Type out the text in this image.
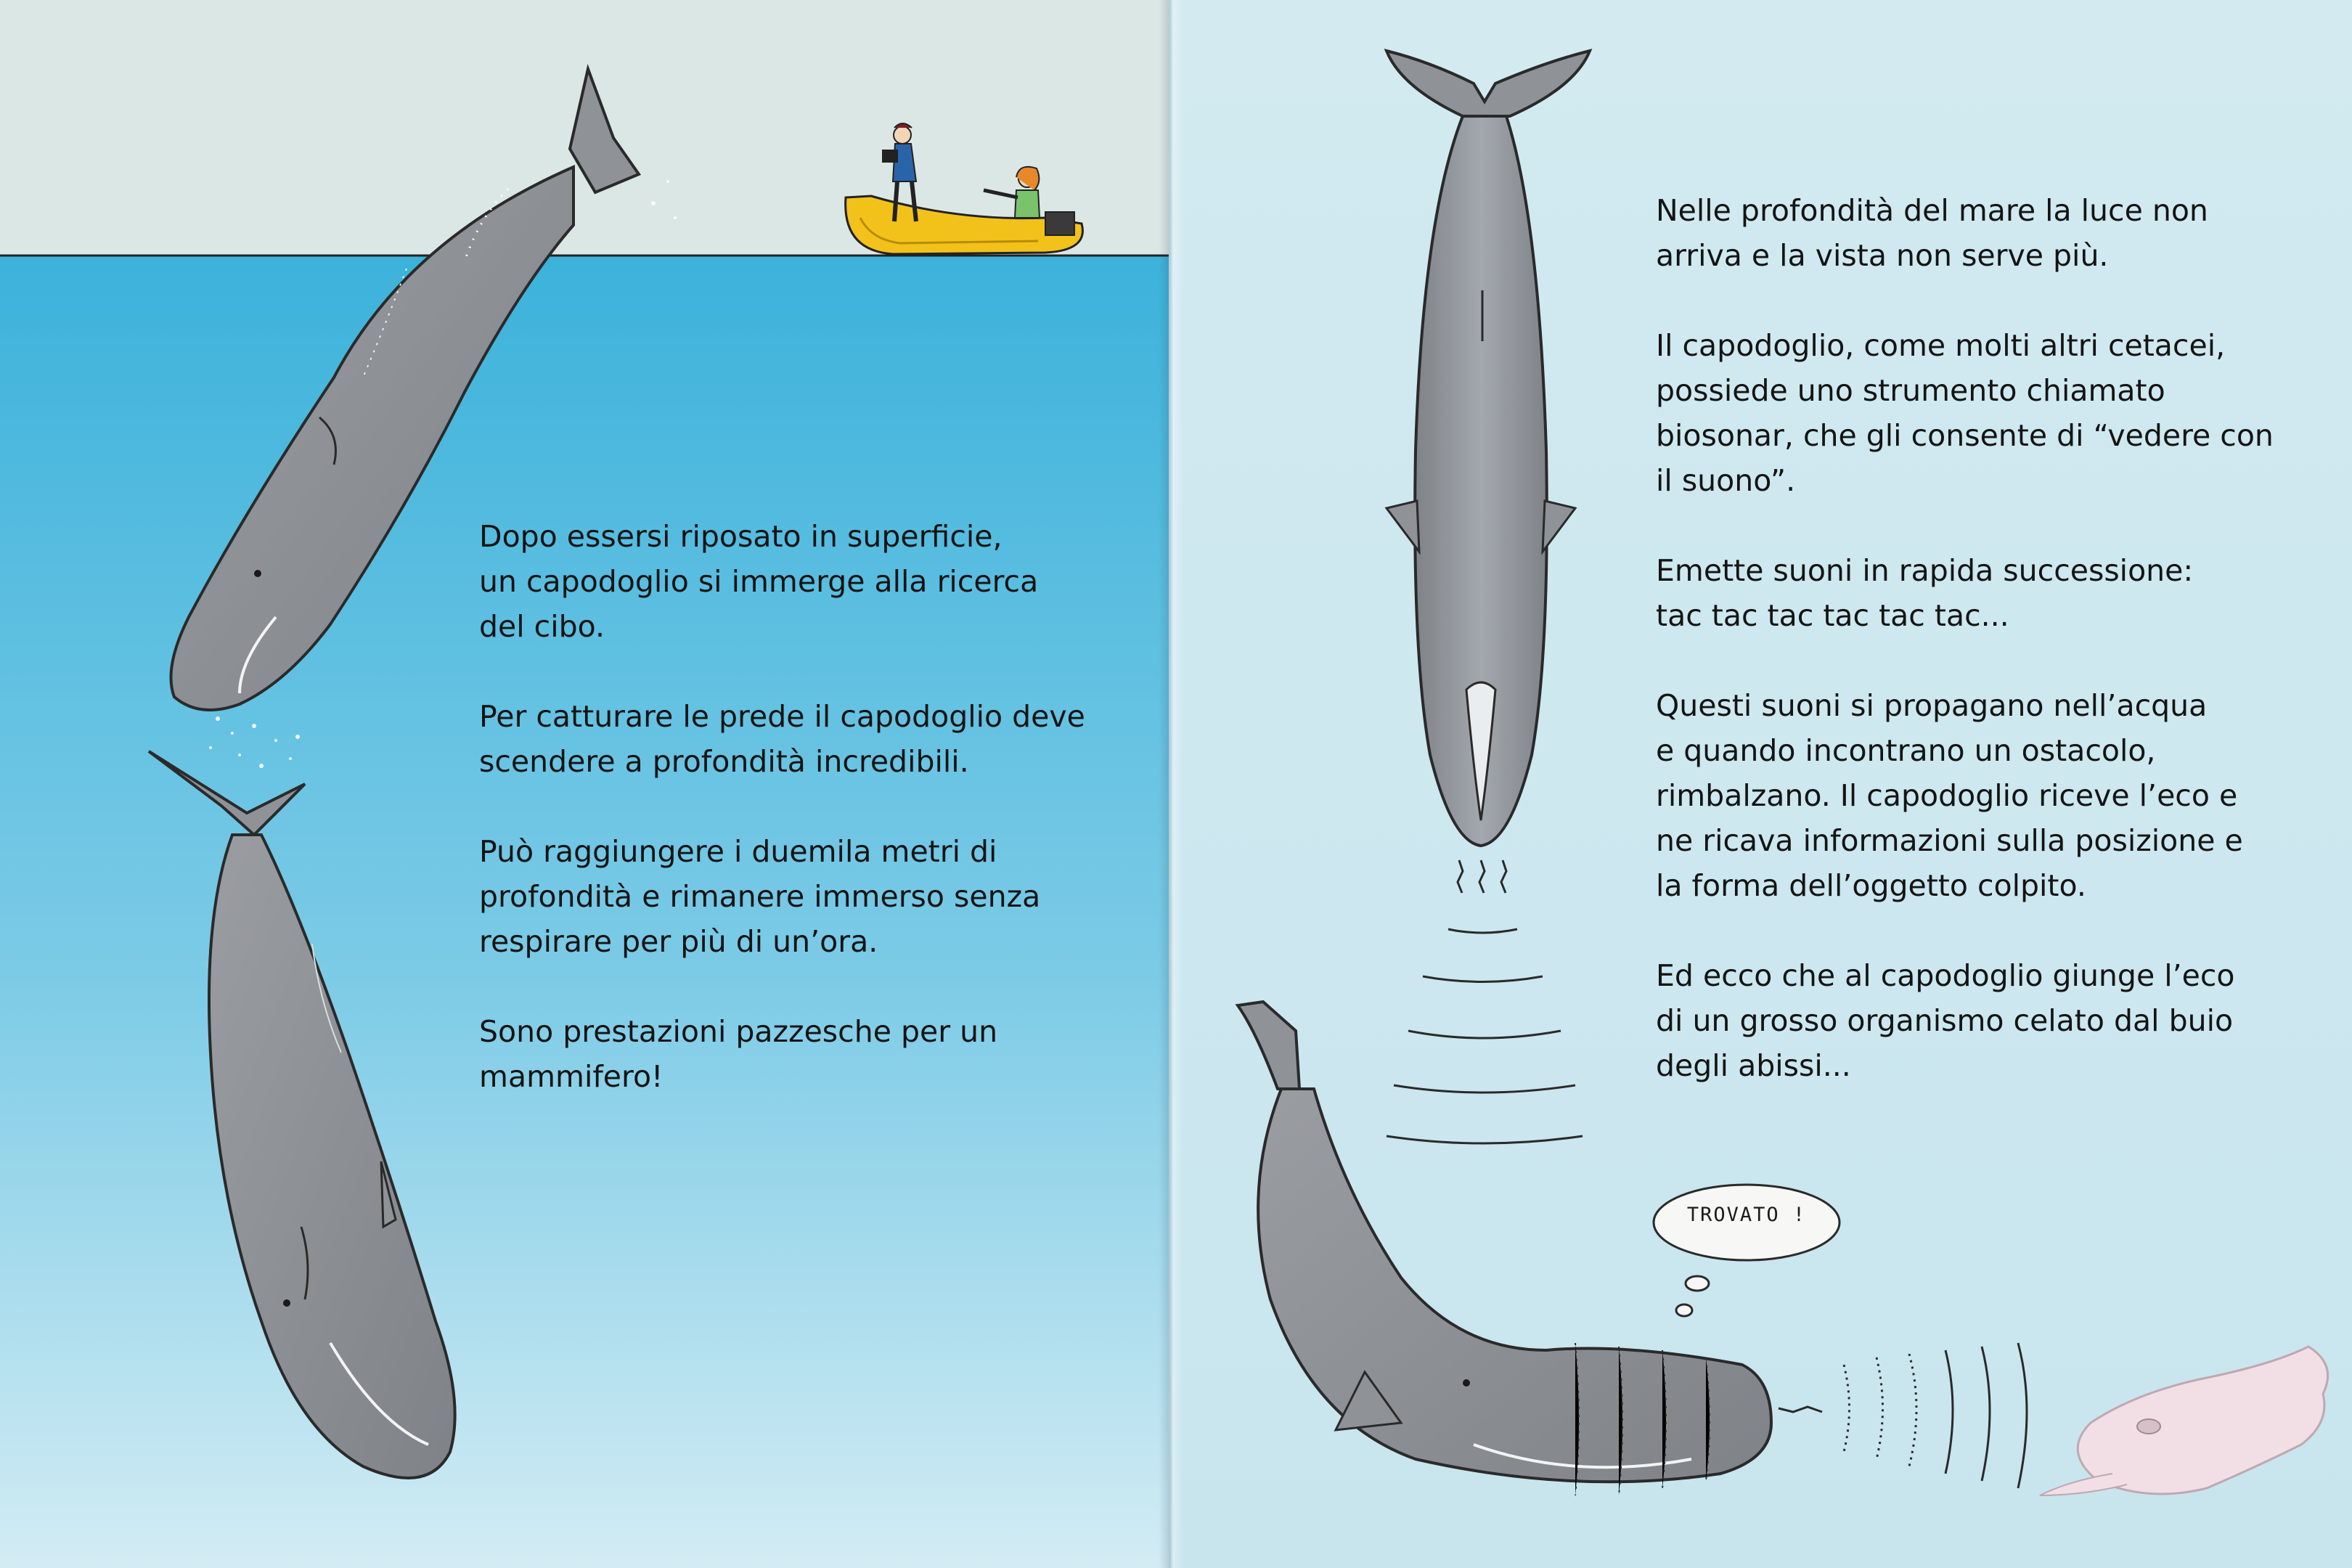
Dopo essersi riposato in superficie,
un capodoglio si immerge alla ricerca
del cibo.

Per catturare le prede il capodoglio deve
scendere a profondità incredibili.

Può raggiungere i duemila metri di
profondità e rimanere immerso senza
respirare per più di un’ora.

Sono prestazioni pazzesche per un
mammifero!

Nelle profondità del mare la luce non
arriva e la vista non serve più.

Il capodoglio, come molti altri cetacei,
possiede uno strumento chiamato
biosonar, che gli consente di “vedere con
il suono”.

Emette suoni in rapida successione:
tac tac tac tac tac tac...

Questi suoni si propagano nell’acqua
e quando incontrano un ostacolo,
rimbalzano. Il capodoglio riceve l’eco e
ne ricava informazioni sulla posizione e
la forma dell’oggetto colpito.

Ed ecco che al capodoglio giunge l’eco
di un grosso organismo celato dal buio
degli abissi...

TROVATO !
